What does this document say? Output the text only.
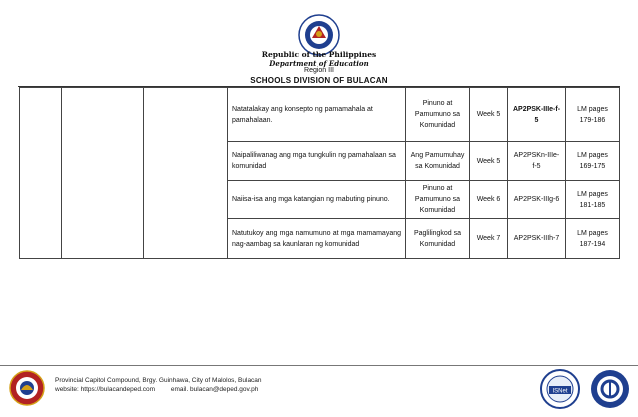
Republic of the Philippines
Department of Education
Region III
SCHOOLS DIVISION OF BULACAN
			Natatalakay ang konsepto ng pamamahala at pamahalaan.	Pinuno at Pamumuno sa Komunidad	Week 5	AP2PSK-IIIe-f-5	LM pages 179-186
			Naipaliliwanag ang mga tungkulin ng pamahalaan sa komunidad	Ang Pamumuhay sa Komunidad	Week 5	AP2PSKn-IIIe-f-5	LM pages 169-175
			Naiisa-isa ang mga katangian ng mabuting pinuno.	Pinuno at Pamumuno sa Komunidad	Week 6	AP2PSK-IIIg-6	LM pages 181-185
			Natutukoy ang mga namumuno at mga mamamayang nag-aambag sa kaunlaran ng komunidad	Paglilingkod sa Komunidad	Week 7	AP2PSK-IIIh-7	LM pages 187-194
Provincial Capitol Compound, Brgy. Guinhawa, City of Malolos, Bulacan
website: https://bulacandeped.com email. bulacan@deped.gov.ph	ISNet
